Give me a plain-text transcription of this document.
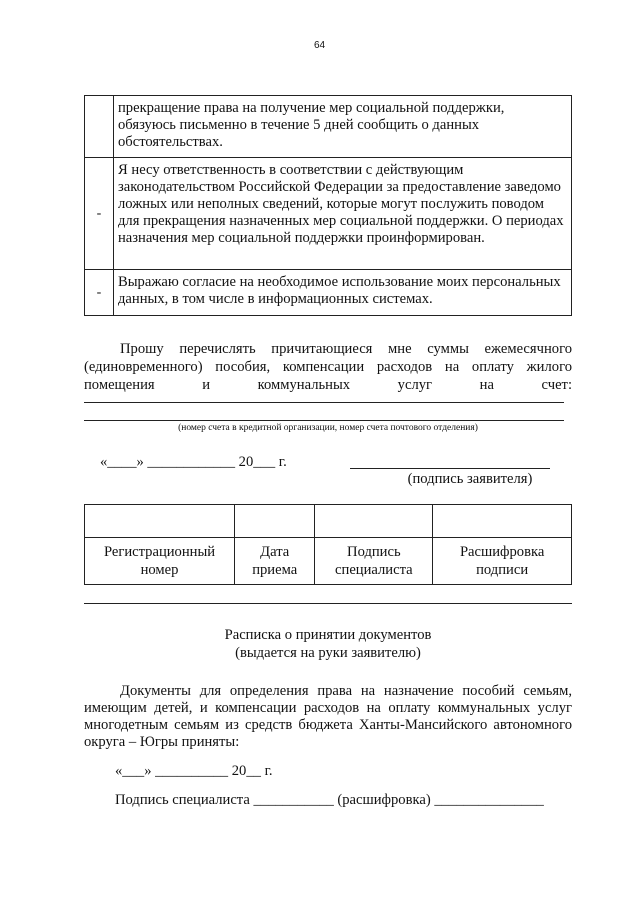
64
	прекращение права на получение мер социальной поддержки, обязуюсь письменно в течение 5 дней сообщить о данных обстоятельствах.
-	Я несу ответственность в соответствии с действующим законодательством Российской Федерации за предоставление заведомо ложных или неполных сведений, которые могут послужить поводом для прекращения назначенных мер социальной поддержки. О периодах назначения мер социальной поддержки проинформирован.
-	Выражаю согласие на необходимое использование моих персональных данных, в том числе в информационных системах.
Прошу перечислять причитающиеся мне суммы ежемесячного (единовременного) пособия, компенсации расходов на оплату жилого помещения и коммунальных услуг на счет:
(номер счета в кредитной организации, номер счета почтового отделения)
«____» ____________ 20___ г.
(подпись заявителя)

Регистрационный номер	Дата приема	Подпись специалиста	Расшифровка подписи
Расписка о принятии документов
(выдается на руки заявителю)

Документы для определения права на назначение пособий семьям, имеющим детей, и компенсации расходов на оплату коммунальных услуг многодетным семьям из средств бюджета Ханты-Мансийского автономного округа – Югры приняты:

«___» __________ 20__ г.
Подпись специалиста ___________ (расшифровка) _______________
